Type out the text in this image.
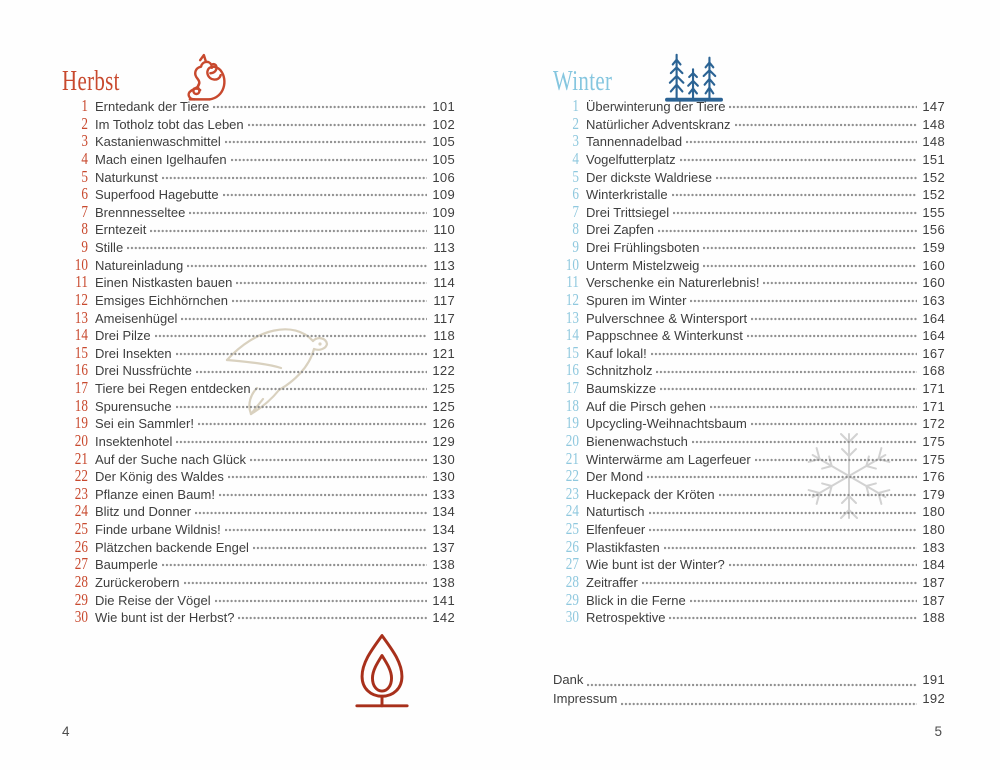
Herbst
1 Erntedank der Tiere	101
2 Im Totholz tobt das Leben	102
3 Kastanienwaschmittel	105
4 Mach einen Igelhaufen	105
5 Naturkunst	106
6 Superfood Hagebutte	109
7 Brennnesseltee	109
8 Erntezeit	110
9 Stille	113
10 Natureinladung	113
11 Einen Nistkasten bauen	114
12 Emsiges Eichhörnchen	117
13 Ameisenhügel	117
14 Drei Pilze	118
15 Drei Insekten	121
16 Drei Nussfrüchte	122
17 Tiere bei Regen entdecken	125
18 Spurensuche	125
19 Sei ein Sammler!	126
20 Insektenhotel	129
21 Auf der Suche nach Glück	130
22 Der König des Waldes	130
23 Pflanze einen Baum!	133
24 Blitz und Donner	134
25 Finde urbane Wildnis!	134
26 Plätzchen backende Engel	137
27 Baumperle	138
28 Zurückerobern	138
29 Die Reise der Vögel	141
30 Wie bunt ist der Herbst?	142
Winter
1 Überwinterung der Tiere	147
2 Natürlicher Adventskranz	148
3 Tannennadelbad	148
4 Vogelfutterplatz	151
5 Der dickste Waldriese	152
6 Winterkristalle	152
7 Drei Trittsiegel	155
8 Drei Zapfen	156
9 Drei Frühlingsboten	159
10 Unterm Mistelzweig	160
11 Verschenke ein Naturerlebnis!	160
12 Spuren im Winter	163
13 Pulverschnee & Wintersport	164
14 Pappschnee & Winterkunst	164
15 Kauf lokal!	167
16 Schnitzholz	168
17 Baumskizze	171
18 Auf die Pirsch gehen	171
19 Upcycling-Weihnachtsbaum	172
20 Bienenwachstuch	175
21 Winterwärme am Lagerfeuer	175
22 Der Mond	176
23 Huckepack der Kröten	179
24 Naturtisch	180
25 Elfenfeuer	180
26 Plastikfasten	183
27 Wie bunt ist der Winter?	184
28 Zeitraffer	187
29 Blick in die Ferne	187
30 Retrospektive	188
Dank	191
Impressum	192
4	5
